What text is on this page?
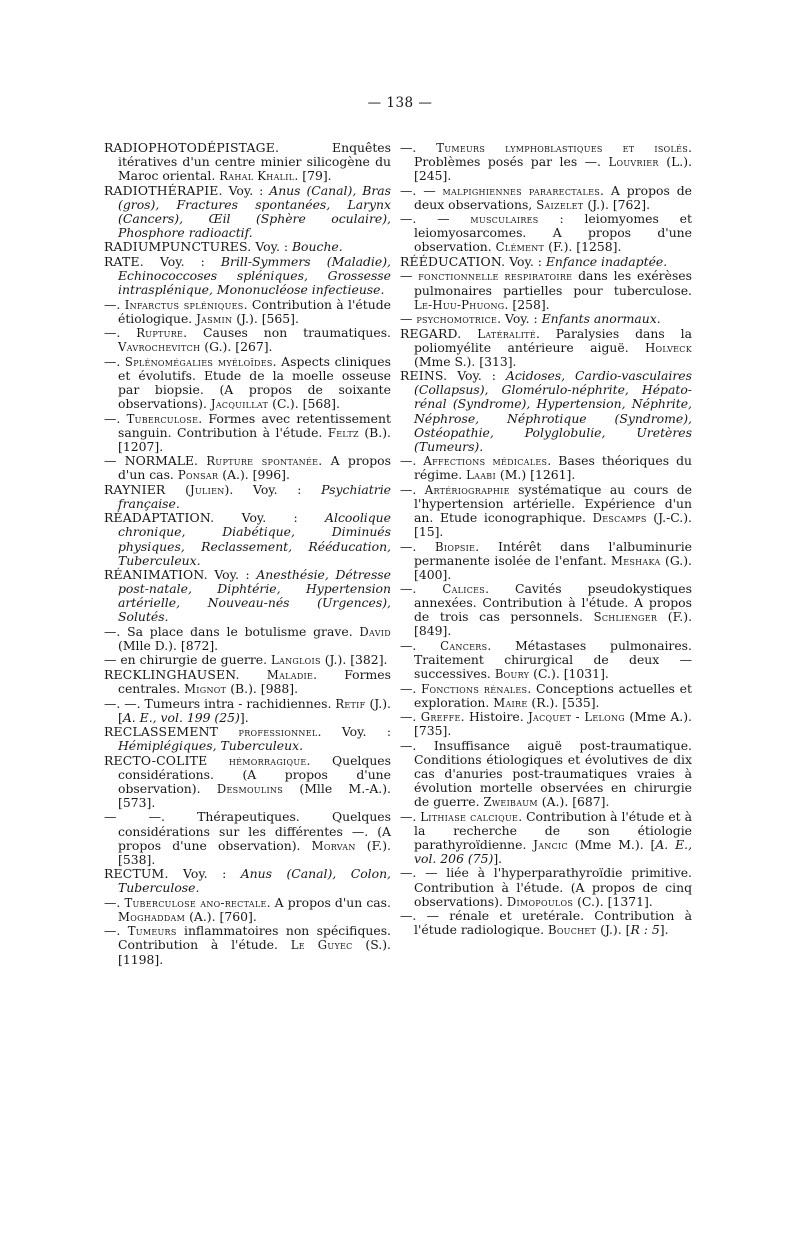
— 138 —

RADIOPHOTODÉPISTAGE. Enquêtes itératives d'un centre minier silicogène du Maroc oriental. Rahal Khalil. [79].

RADIOTHÉRAPIE. Voy. : Anus (Canal), Bras (gros), Fractures spontanées, Larynx (Cancers), Œil (Sphère oculaire), Phosphore radioactif.

RADIUMPUNCTURES. Voy. : Bouche.

RATE. Voy. : Brill-Symmers (Maladie), Echinococcoses spléniques, Grossesse intrasplénique, Mononucléose infectieuse.

—. Infarctus spléniques. Contribution à l'étude étiologique. Jasmin (J.). [565].

—. Rupture. Causes non traumatiques. Vavrochevitch (G.). [267].

—. Splénomégalies myéloïdes. Aspects cliniques et évolutifs. Etude de la moelle osseuse par biopsie. (A propos de soixante observations). Jacquillat (C.). [568].

—. Tuberculose. Formes avec retentissement sanguin. Contribution à l'étude. Feltz (B.). [1207].

— NORMALE. Rupture spontanée. A propos d'un cas. Ponsar (A.). [996].

RAYNIER (Julien). Voy. : Psychiatrie française.

RÉADAPTATION. Voy. : Alcoolique chronique, Diabétique, Diminués physiques, Reclassement, Rééducation, Tuberculeux.

RÉANIMATION. Voy. : Anesthésie, Détresse post-natale, Diphtérie, Hypertension artérielle, Nouveau-nés (Urgences), Solutés.

—. Sa place dans le botulisme grave. David (Mlle D.). [872].

— en chirurgie de guerre. Langlois (J.). [382].

RECKLINGHAUSEN. Maladie. Formes centrales. Mignot (B.). [988].

—. —. Tumeurs intra - rachidiennes. Retif (J.). [A. E., vol. 199 (25)].

RECLASSEMENT professionnel. Voy. : Hémiplégiques, Tuberculeux.

RECTO-COLITE hémorragique. Quelques considérations. (A propos d'une observation). Desmoulins (Mlle M.-A.). [573].

— —. Thérapeutiques. Quelques considérations sur les différentes —. (A propos d'une observation). Morvan (F.). [538].

RECTUM. Voy. : Anus (Canal), Colon, Tuberculose.

—. Tuberculose ano-rectale. A propos d'un cas. Moghaddam (A.). [760].

—. Tumeurs inflammatoires non spécifiques. Contribution à l'étude. Le Guyec (S.). [1198].

—. Tumeurs lymphoblastiques et isolés. Problèmes posés par les —. Louvrier (L.). [245].

—. — malpighiennes pararectales. A propos de deux observations, Saizelet (J.). [762].

—. — musculaires : leiomyomes et leiomyosarcomes. A propos d'une observation. Clément (F.). [1258].

RÉÉDUCATION. Voy. : Enfance inadaptée.

— fonctionnelle respiratoire dans les exérèses pulmonaires partielles pour tuberculose. Le-Huu-Phuong. [258].

— psychomotrice. Voy. : Enfants anormaux.

REGARD. Latéralité. Paralysies dans la poliomyélite antérieure aiguë. Holveck (Mme S.). [313].

REINS. Voy. : Acidoses, Cardio-vasculaires (Collapsus), Glomérulo-néphrite, Hépato-rénal (Syndrome), Hypertension, Néphrite, Néphrose, Néphrotique (Syndrome), Ostéopathie, Polyglobulie, Uretères (Tumeurs).

—. Affections médicales. Bases théoriques du régime. Laabi (M.) [1261].

—. Artériographie systématique au cours de l'hypertension artérielle. Expérience d'un an. Etude iconographique. Descamps (J.-C.). [15].

—. Biopsie. Intérêt dans l'albuminurie permanente isolée de l'enfant. Meshaka (G.). [400].

—. Calices. Cavités pseudokystiques annexées. Contribution à l'étude. A propos de trois cas personnels. Schlienger (F.). [849].

—. Cancers. Métastases pulmonaires. Traitement chirurgical de deux — successives. Boury (C.). [1031].

—. Fonctions rénales. Conceptions actuelles et exploration. Maire (R.). [535].

—. Greffe. Histoire. Jacquet - Lelong (Mme A.). [735].

—. Insuffisance aiguë post-traumatique. Conditions étiologiques et évolutives de dix cas d'anuries post-traumatiques vraies à évolution mortelle observées en chirurgie de guerre. Zweibaum (A.). [687].

—. Lithiase calcique. Contribution à l'étude et à la recherche de son étiologie parathyroïdienne. Jancic (Mme M.). [A. E., vol. 206 (75)].

—. — liée à l'hyperparathyroïdie primitive. Contribution à l'étude. (A propos de cinq observations). Dimopoulos (C.). [1371].

—. — rénale et uretérale. Contribution à l'étude radiologique. Bouchet (J.). [R : 5].
